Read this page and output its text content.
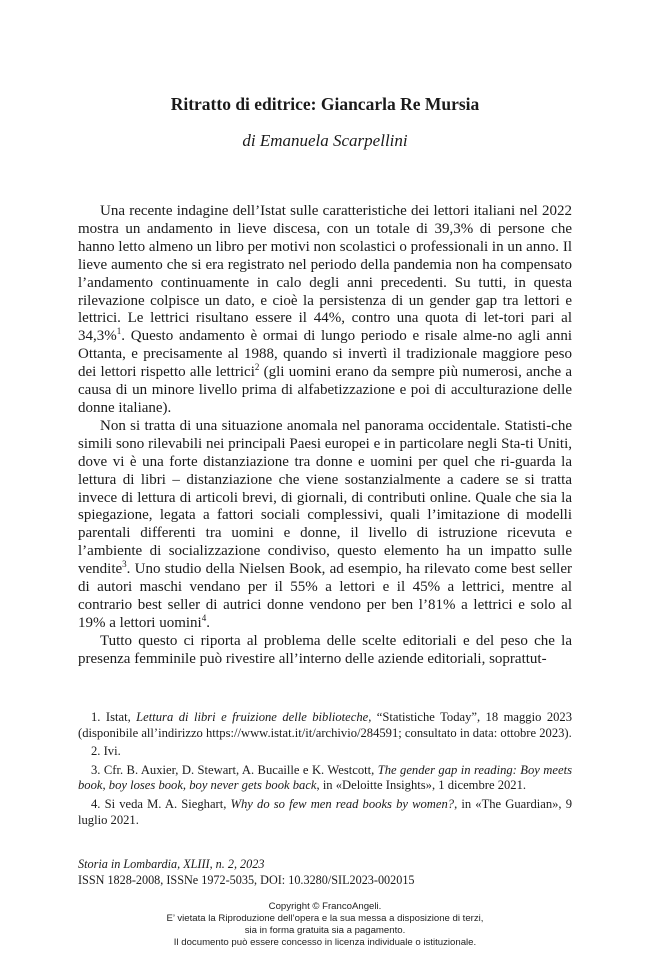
Ritratto di editrice: Giancarla Re Mursia
di Emanuela Scarpellini

Una recente indagine dell’Istat sulle caratteristiche dei lettori italiani nel 2022 mostra un andamento in lieve discesa, con un totale di 39,3% di persone che hanno letto almeno un libro per motivi non scolastici o professionali in un anno. Il lieve aumento che si era registrato nel periodo della pandemia non ha compensato l’andamento continuamente in calo degli anni precedenti. Su tutti, in questa rilevazione colpisce un dato, e cioè la persistenza di un gender gap tra lettori e lettrici. Le lettrici risultano essere il 44%, contro una quota di let-tori pari al 34,3%$^1$. Questo andamento è ormai di lungo periodo e risale alme-no agli anni Ottanta, e precisamente al 1988, quando si invertì il tradizionale maggiore peso dei lettori rispetto alle lettrici$^2$ (gli uomini erano da sempre più numerosi, anche a causa di un minore livello prima di alfabetizzazione e poi di acculturazione delle donne italiane).

Non si tratta di una situazione anomala nel panorama occidentale. Statisti-che simili sono rilevabili nei principali Paesi europei e in particolare negli Sta-ti Uniti, dove vi è una forte distanziazione tra donne e uomini per quel che ri-guarda la lettura di libri – distanziazione che viene sostanzialmente a cadere se si tratta invece di lettura di articoli brevi, di giornali, di contributi online. Quale che sia la spiegazione, legata a fattori sociali complessivi, quali l’imitazione di modelli parentali differenti tra uomini e donne, il livello di istruzione ricevuta e l’ambiente di socializzazione condiviso, questo elemento ha un impatto sulle vendite$^3$. Uno studio della Nielsen Book, ad esempio, ha rilevato come best seller di autori maschi vendano per il 55% a lettori e il 45% a lettrici, mentre al contrario best seller di autrici donne vendono per ben l’81% a lettrici e solo al 19% a lettori uomini$^4$.

Tutto questo ci riporta al problema delle scelte editoriali e del peso che la presenza femminile può rivestire all’interno delle aziende editoriali, soprattut-

1. Istat, Lettura di libri e fruizione delle biblioteche, “Statistiche Today”, 18 maggio 2023 (disponibile all’indirizzo https://www.istat.it/it/archivio/284591; consultato in data: ottobre 2023).

2. Ivi.

3. Cfr. B. Auxier, D. Stewart, A. Bucaille e K. Westcott, The gender gap in reading: Boy meets book, boy loses book, boy never gets book back, in «Deloitte Insights», 1 dicembre 2021.

4. Si veda M. A. Sieghart, Why do so few men read books by women?, in «The Guardian», 9 luglio 2021.

Storia in Lombardia, XLIII, n. 2, 2023
ISSN 1828-2008, ISSNe 1972-5035, DOI: 10.3280/SIL2023-002015
Copyright © FrancoAngeli.
E’ vietata la Riproduzione dell’opera e la sua messa a disposizione di terzi,
sia in forma gratuita sia a pagamento.
Il documento può essere concesso in licenza individuale o istituzionale.
